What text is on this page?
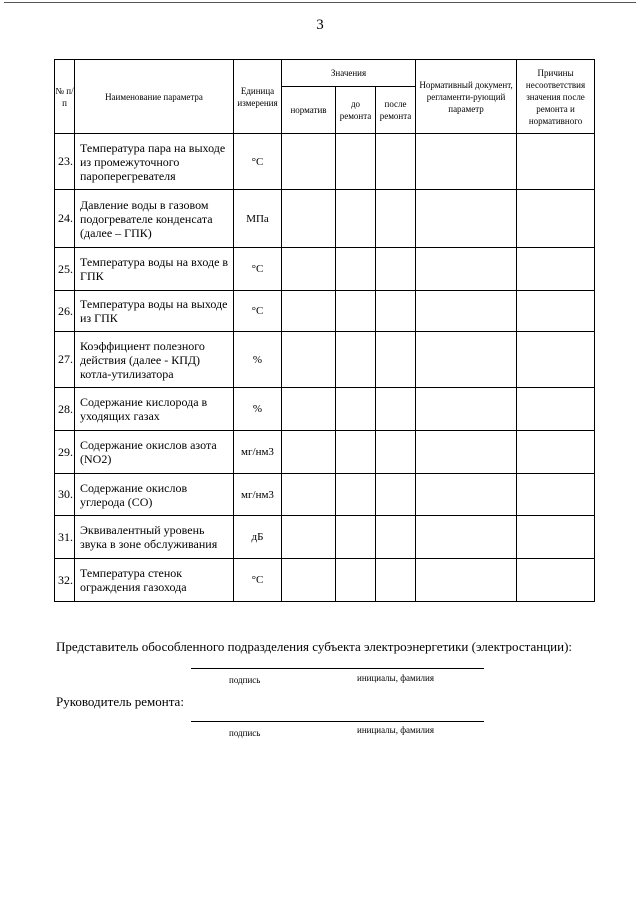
3
№ п/п	Наименование параметра	Единица измерения	Значения			Нормативный документ, регламенти-рующий параметр	Причины несоответствия значения после ремонта и нормативного
			норматив	до ремонта	после ремонта		
23.	Температура пара на выходе из промежуточного пароперегревателя	°С					
24.	Давление воды в газовом подогревателе конденсата (далее – ГПК)	МПа					
25.	Температура воды на входе в ГПК	°С					
26.	Температура воды на выходе из ГПК	°С					
27.	Коэффициент полезного действия (далее - КПД) котла-утилизатора	%					
28.	Содержание кислорода в уходящих газах	%					
29.	Содержание окислов азота (NO2)	мг/нм3					
30.	Содержание окислов углерода (СО)	мг/нм3					
31.	Эквивалентный уровень звука в зоне обслуживания	дБ					
32.	Температура стенок ограждения газохода	°С					
Представитель обособленного подразделения субъекта электроэнергетики (электростанции):
подпись	инициалы, фамилия
Руководитель ремонта:
подпись	инициалы, фамилия
